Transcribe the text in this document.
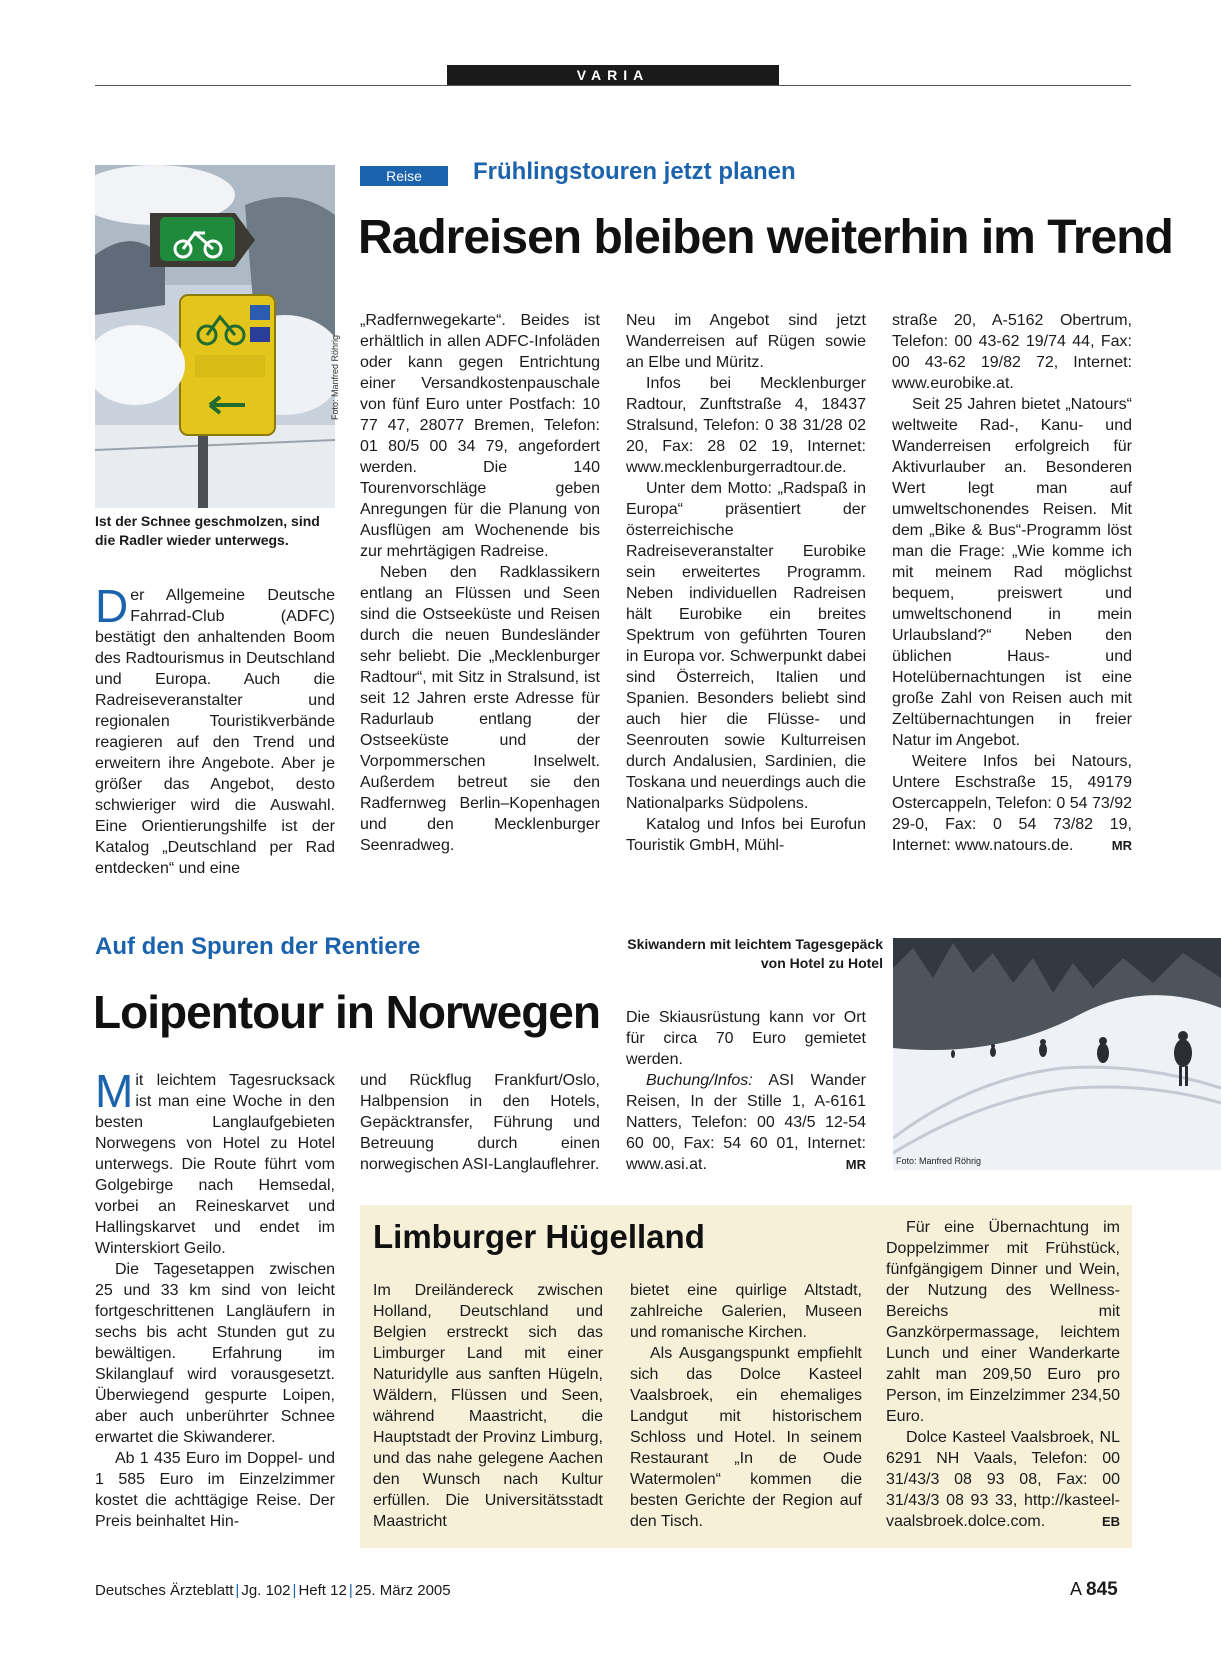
VARIA
Foto: Manfred Röhrig
Ist der Schnee geschmolzen, sind die Radler wieder unterwegs.
Reise	Frühlingstouren jetzt planen
Radreisen bleiben weiterhin im Trend

Der Allgemeine Deutsche Fahrrad-Club (ADFC) bestätigt den anhaltenden Boom des Radtourismus in Deutschland und Europa. Auch die Radreiseveranstalter und regionalen Touristikverbände reagieren auf den Trend und erweitern ihre Angebote. Aber je größer das Angebot, desto schwieriger wird die Auswahl. Eine Orientierungshilfe ist der Katalog „Deutschland per Rad entdecken“ und eine

„Radfernwegekarte“. Beides ist erhältlich in allen ADFC-Infoläden oder kann gegen Entrichtung einer Versandkostenpauschale von fünf Euro unter Postfach: 10 77 47, 28077 Bremen, Telefon: 01 80/5 00 34 79, angefordert werden. Die 140 Tourenvorschläge geben Anregungen für die Planung von Ausflügen am Wochenende bis zur mehrtägigen Radreise.

Neben den Radklassikern entlang an Flüssen und Seen sind die Ostseeküste und Reisen durch die neuen Bundesländer sehr beliebt. Die „Mecklenburger Radtour“, mit Sitz in Stralsund, ist seit 12 Jahren erste Adresse für Radurlaub entlang der Ostseeküste und der Vorpommerschen Inselwelt. Außerdem betreut sie den Radfernweg Berlin–Kopenhagen und den Mecklenburger Seenradweg.

Neu im Angebot sind jetzt Wanderreisen auf Rügen sowie an Elbe und Müritz.

Infos bei Mecklenburger Radtour, Zunftstraße 4, 18437 Stralsund, Telefon: 0 38 31/28 02 20, Fax: 28 02 19, Internet: www.mecklenburgerradtour.de.

Unter dem Motto: „Radspaß in Europa“ präsentiert der österreichische Radreiseveranstalter Eurobike sein erweitertes Programm. Neben individuellen Radreisen hält Eurobike ein breites Spektrum von geführten Touren in Europa vor. Schwerpunkt dabei sind Österreich, Italien und Spanien. Besonders beliebt sind auch hier die Flüsse- und Seenrouten sowie Kulturreisen durch Andalusien, Sardinien, die Toskana und neuerdings auch die Nationalparks Südpolens.

Katalog und Infos bei Eurofun Touristik GmbH, Mühl-

straße 20, A-5162 Obertrum, Telefon: 00 43-62 19/74 44, Fax: 00 43-62 19/82 72, Internet: www.eurobike.at.

Seit 25 Jahren bietet „Natours“ weltweite Rad-, Kanu- und Wanderreisen erfolgreich für Aktivurlauber an. Besonderen Wert legt man auf umweltschonendes Reisen. Mit dem „Bike & Bus“-Programm löst man die Frage: „Wie komme ich mit meinem Rad möglichst bequem, preiswert und umweltschonend in mein Urlaubsland?“ Neben den üblichen Haus- und Hotelübernachtungen ist eine große Zahl von Reisen auch mit Zeltübernachtungen in freier Natur im Angebot.

Weitere Infos bei Natours, Untere Eschstraße 15, 49179 Ostercappeln, Telefon: 0 54 73/92 29-0, Fax: 0 54 73/82 19, Internet: www.natours.de.	MR

Auf den Spuren der Rentiere
Loipentour in Norwegen
Skiwandern mit leichtem Tagesgepäck von Hotel zu Hotel
Foto: Manfred Röhrig

Mit leichtem Tagesrucksack ist man eine Woche in den besten Langlaufgebieten Norwegens von Hotel zu Hotel unterwegs. Die Route führt vom Golgebirge nach Hemsedal, vorbei an Reineskarvet und Hallingskarvet und endet im Winterskiort Geilo.

Die Tagesetappen zwischen 25 und 33 km sind von leicht fortgeschrittenen Langläufern in sechs bis acht Stunden gut zu bewältigen. Erfahrung im Skilanglauf wird vorausgesetzt. Überwiegend gespurte Loipen, aber auch unberührter Schnee erwartet die Skiwanderer.

Ab 1 435 Euro im Doppel- und 1 585 Euro im Einzelzimmer kostet die achttägige Reise. Der Preis beinhaltet Hin-

und Rückflug Frankfurt/Oslo, Halbpension in den Hotels, Gepäcktransfer, Führung und Betreuung durch einen norwegischen ASI-Langlauflehrer.

Die Skiausrüstung kann vor Ort für circa 70 Euro gemietet werden.

Buchung/Infos: ASI Wander Reisen, In der Stille 1, A-6161 Natters, Telefon: 00 43/5 12-54 60 00, Fax: 54 60 01, Internet: www.asi.at.	MR

Limburger Hügelland

Im Dreiländereck zwischen Holland, Deutschland und Belgien erstreckt sich das Limburger Land mit einer Naturidylle aus sanften Hügeln, Wäldern, Flüssen und Seen, während Maastricht, die Hauptstadt der Provinz Limburg, und das nahe gelegene Aachen den Wunsch nach Kultur erfüllen. Die Universitätsstadt Maastricht

bietet eine quirlige Altstadt, zahlreiche Galerien, Museen und romanische Kirchen.

Als Ausgangspunkt empfiehlt sich das Dolce Kasteel Vaalsbroek, ein ehemaliges Landgut mit historischem Schloss und Hotel. In seinem Restaurant „In de Oude Watermolen“ kommen die besten Gerichte der Region auf den Tisch.

Für eine Übernachtung im Doppelzimmer mit Frühstück, fünfgängigem Dinner und Wein, der Nutzung des Wellness-Bereichs mit Ganzkörpermassage, leichtem Lunch und einer Wanderkarte zahlt man 209,50 Euro pro Person, im Einzelzimmer 234,50 Euro.

Dolce Kasteel Vaalsbroek, NL 6291 NH Vaals, Telefon: 00 31/43/3 08 93 08, Fax: 00 31/43/3 08 93 33, http://kasteel-vaalsbroek.dolce.com.	EB

Deutsches Ärzteblatt | Jg. 102 | Heft 12 | 25. März 2005	A 845
